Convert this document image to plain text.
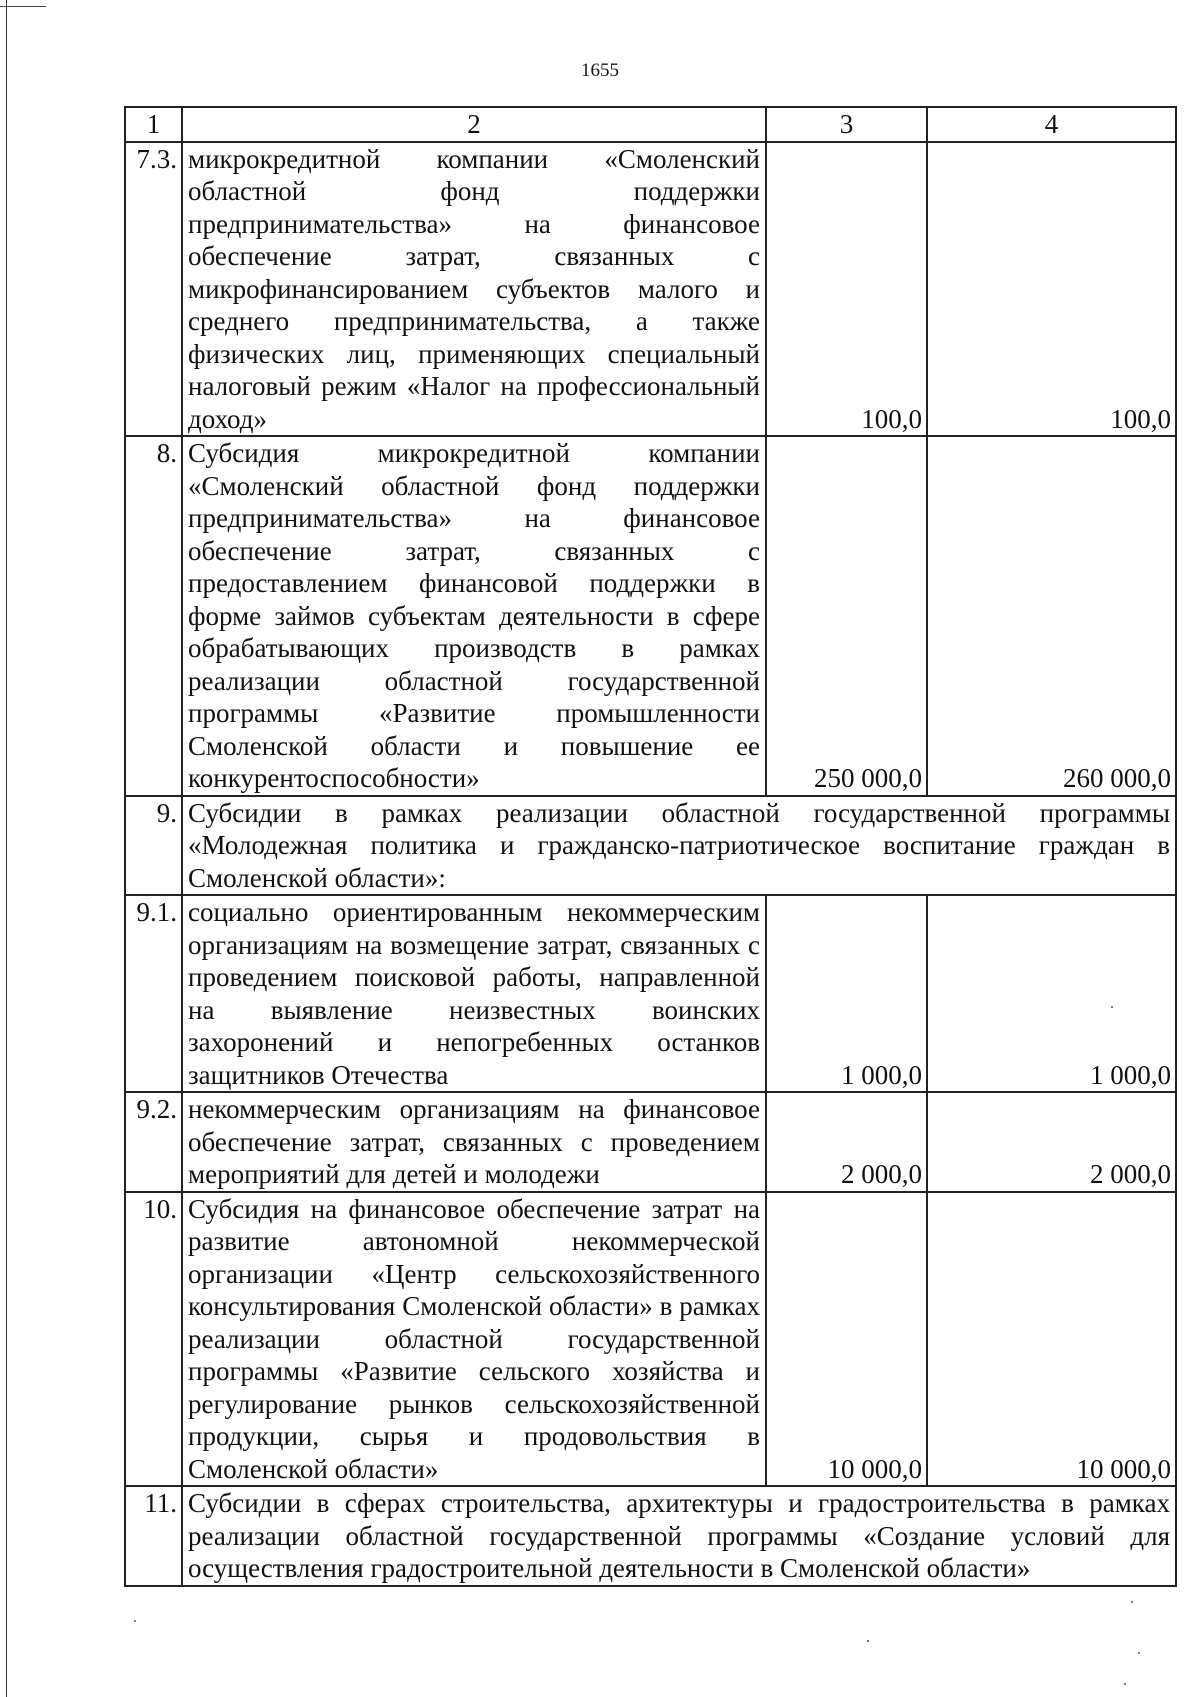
1655
1	2	3	4
7.3.	микрокредитной компании «Смоленский областной фонд поддержки предпринимательства» на финансовое обеспечение затрат, связанных с микрофинансированием субъектов малого и среднего предпринимательства, а также физических лиц, применяющих специальный налоговый режим «Налог на профессиональный доход»	100,0	100,0
8.	Субсидия микрокредитной компании «Смоленский областной фонд поддержки предпринимательства» на финансовое обеспечение затрат, связанных с предоставлением финансовой поддержки в форме займов субъектам деятельности в сфере обрабатывающих производств в рамках реализации областной государственной программы «Развитие промышленности Смоленской области и повышение ее конкурентоспособности»	250 000,0	260 000,0
9.	Субсидии в рамках реализации областной государственной программы «Молодежная политика и гражданско-патриотическое воспитание граждан в Смоленской области»:		
9.1.	социально ориентированным некоммерческим организациям на возмещение затрат, связанных с проведением поисковой работы, направленной на выявление неизвестных воинских захоронений и непогребенных останков защитников Отечества	1 000,0	1 000,0
9.2.	некоммерческим организациям на финансовое обеспечение затрат, связанных с проведением мероприятий для детей и молодежи	2 000,0	2 000,0
10.	Субсидия на финансовое обеспечение затрат на развитие автономной некоммерческой организации «Центр сельскохозяйственного консультирования Смоленской области» в рамках реализации областной государственной программы «Развитие сельского хозяйства и регулирование рынков сельскохозяйственной продукции, сырья и продовольствия в Смоленской области»	10 000,0	10 000,0
11.	Субсидии в сферах строительства, архитектуры и градостроительства в рамках реализации областной государственной программы «Создание условий для осуществления градостроительной деятельности в Смоленской области»		
